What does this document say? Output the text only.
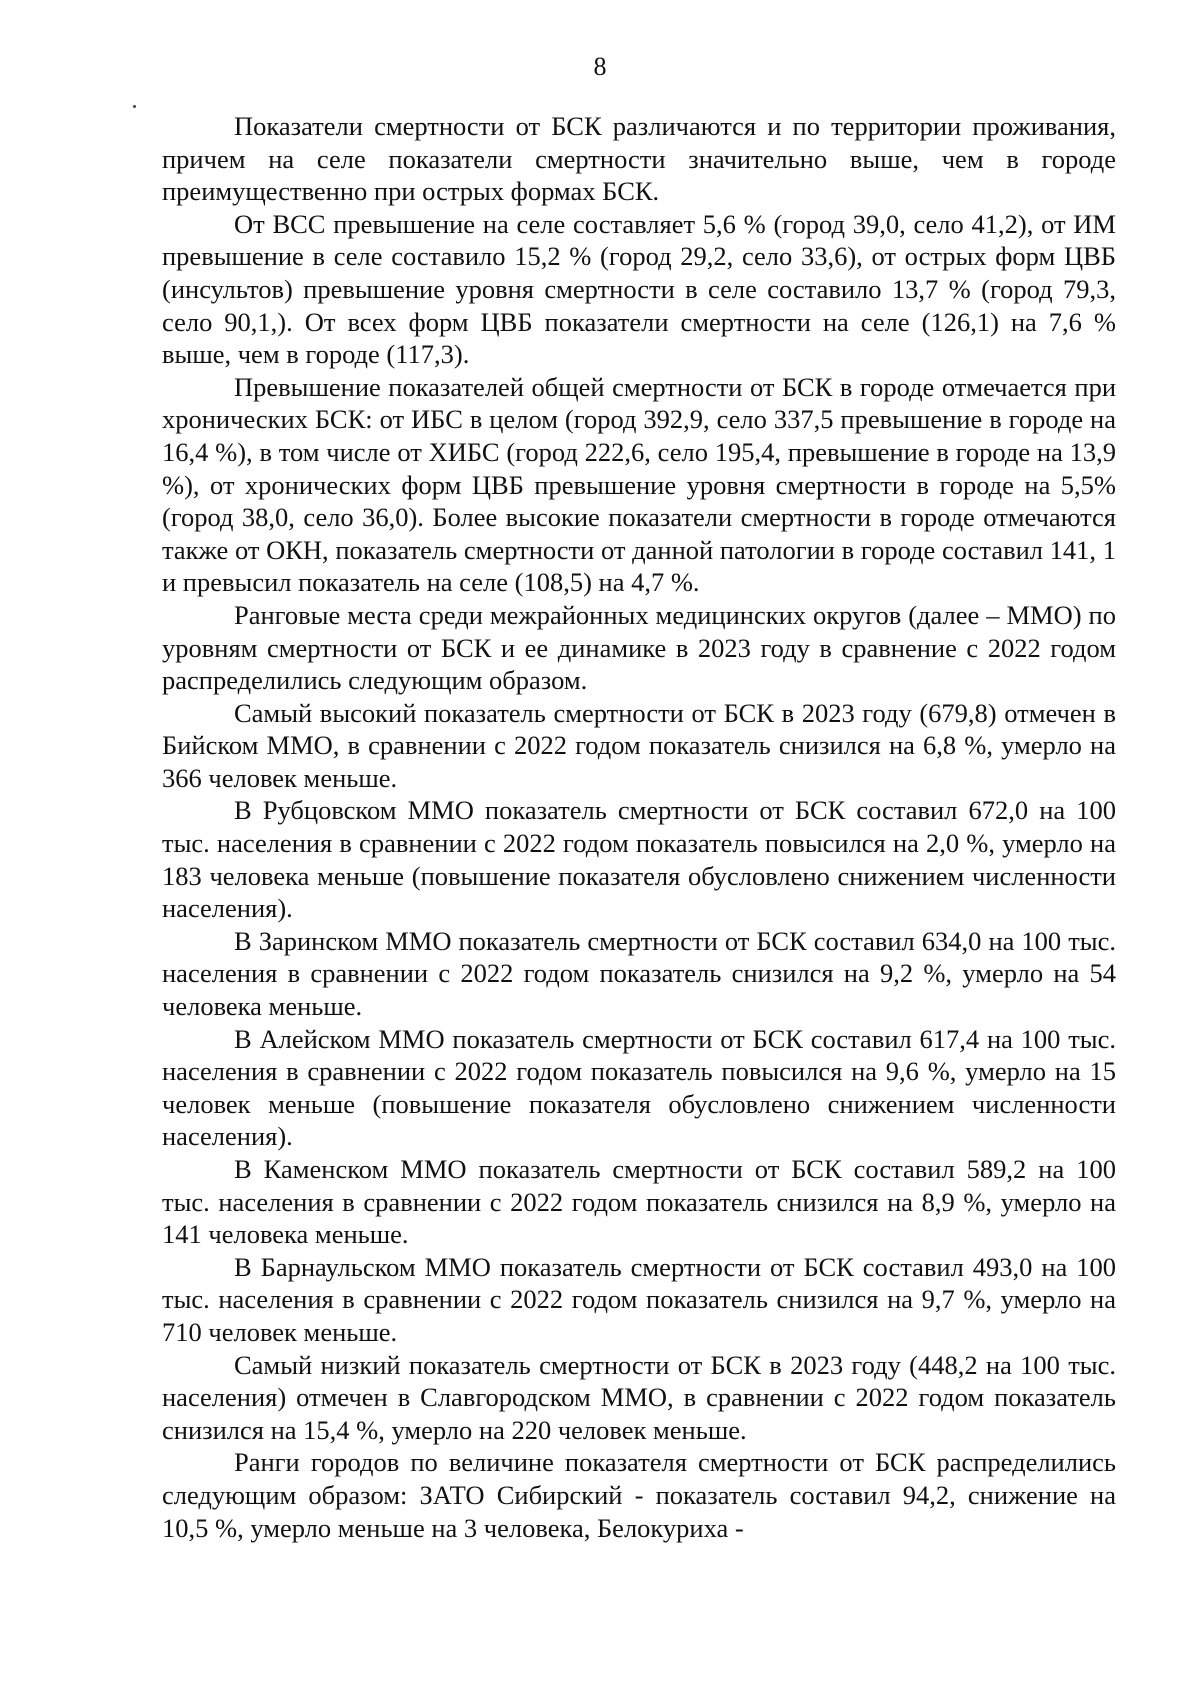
8

Показатели смертности от БСК различаются и по территории проживания, причем на селе показатели смертности значительно выше, чем в городе преимущественно при острых формах БСК.

От ВСС превышение на селе составляет 5,6 % (город 39,0, село 41,2), от ИМ превышение в селе составило 15,2 % (город 29,2, село 33,6), от острых форм ЦВБ (инсультов) превышение уровня смертности в селе составило 13,7 % (город 79,3, село 90,1,). От всех форм ЦВБ показатели смертности на селе (126,1) на 7,6 % выше, чем в городе (117,3).

Превышение показателей общей смертности от БСК в городе отмечается при хронических БСК: от ИБС в целом (город 392,9, село 337,5 превышение в городе на 16,4 %), в том числе от ХИБС (город 222,6, село 195,4, превышение в городе на 13,9 %), от хронических форм ЦВБ превышение уровня смертности в городе на 5,5% (город 38,0, село 36,0). Более высокие показатели смертности в городе отмечаются также от ОКН, показатель смертности от данной патологии в городе составил 141, 1 и превысил показатель на селе (108,5) на 4,7 %.

Ранговые места среди межрайонных медицинских округов (далее – ММО) по уровням смертности от БСК и ее динамике в 2023 году в сравнение с 2022 годом распределились следующим образом.

Самый высокий показатель смертности от БСК в 2023 году (679,8) отмечен в Бийском ММО, в сравнении с 2022 годом показатель снизился на 6,8 %, умерло на 366 человек меньше.

В Рубцовском ММО показатель смертности от БСК составил 672,0 на 100 тыс. населения в сравнении с 2022 годом показатель повысился на 2,0 %, умерло на 183 человека меньше (повышение показателя обусловлено снижением численности населения).

В Заринском ММО показатель смертности от БСК составил 634,0 на 100 тыс. населения в сравнении с 2022 годом показатель снизился на 9,2 %, умерло на 54 человека меньше.

В Алейском ММО показатель смертности от БСК составил 617,4 на 100 тыс. населения в сравнении с 2022 годом показатель повысился на 9,6 %, умерло на 15 человек меньше (повышение показателя обусловлено снижением численности населения).

В Каменском ММО показатель смертности от БСК составил 589,2 на 100 тыс. населения в сравнении с 2022 годом показатель снизился на 8,9 %, умерло на 141 человека меньше.

В Барнаульском ММО показатель смертности от БСК составил 493,0 на 100 тыс. населения в сравнении с 2022 годом показатель снизился на 9,7 %, умерло на 710 человек меньше.

Самый низкий показатель смертности от БСК в 2023 году (448,2 на 100 тыс. населения) отмечен в Славгородском ММО, в сравнении с 2022 годом показатель снизился на 15,4 %, умерло на 220 человек меньше.

Ранги городов по величине показателя смертности от БСК распределились следующим образом: ЗАТО Сибирский - показатель составил 94,2, снижение на 10,5 %, умерло меньше на 3 человека, Белокуриха -
